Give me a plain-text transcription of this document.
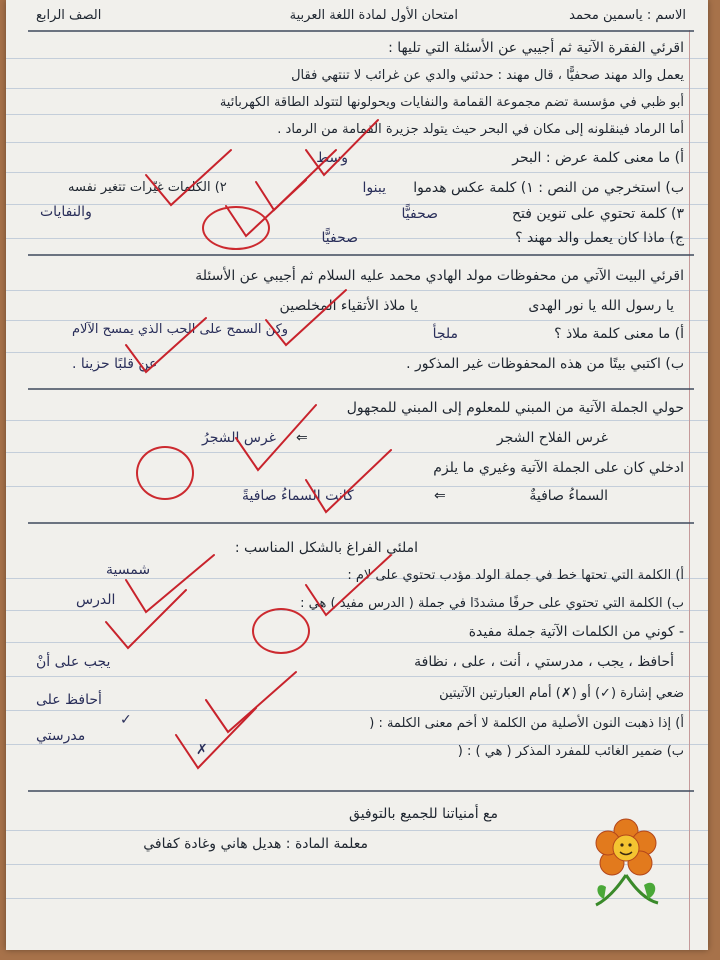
الاسم : ياسمين محمد
امتحان الأول لمادة اللغة العربية
الصف الرابع
اقرئي الفقرة الآتية ثم أجيبي عن الأسئلة التي تليها :
يعمل والد مهند صحفيًّا ، قال مهند : حدثني والدي عن غرائب لا تنتهي فقال
أبو ظبي في مؤسسة تضم مجموعة القمامة والنفايات ويحولونها لتتولد الطاقة الكهربائية
أما الرماد فينقلونه إلى مكان في البحر حيث يتولد جزيرة القمامة من الرماد .
أ) ما معنى كلمة عرض : البحر
وسط
ب) استخرجي من النص : ١) كلمة عكس هدموا
يبنوا
٢) الكلمات غيّرات تتغير نفسه
والنفايات	٣) كلمة تحتوي على تنوين فتح
صحفيًّا
ج) ماذا كان يعمل والد مهند ؟
صحفيًّا
اقرئي البيت الآتي من محفوظات مولد الهادي محمد عليه السلام ثم أجيبي عن الأسئلة
يا رسول الله يا نور الهدى
يا ملاذ الأتقياء المخلصين
أ) ما معنى كلمة ملاذ ؟
ملجأ
وكن السمح على الحب الذي يمسح الآلام
ب) اكتبي بيتًا من هذه المحفوظات غير المذكور .
عن قلبًا حزينا .
حولي الجملة الآتية من المبني للمعلوم إلى المبني للمجهول
غرس الفلاح الشجر
⇐
غرس الشجرُ
ادخلي كان على الجملة الآتية وغيري ما يلزم
السماءُ صافيةٌ
⇐
كانت السماءُ صافيةً
املئي الفراغ بالشكل المناسب :
أ) الكلمة التي تحتها خط في جملة الولد مؤدب تحتوي على لام :
شمسية
ب) الكلمة التي تحتوي على حرفًا مشددًا في جملة ( الدرس مفيد ) هي :
الدرس
- كوني من الكلمات الآتية جملة مفيدة
أحافظ ، يجب ، مدرستي ، أنت ، على ، نظافة
يجب على أنْ
أحافظ على
مدرستي
ضعي إشارة (✓) أو (✗) أمام العبارتين الآتيتين
أ) إذا ذهبت النون الأصلية من الكلمة لا أخم معنى الكلمة : (
✓
ب) ضمير الغائب للمفرد المذكر ( هي ) : (
✗
مع أمنياتنا للجميع بالتوفيق
معلمة المادة : هديل هاني وغادة كفافي
